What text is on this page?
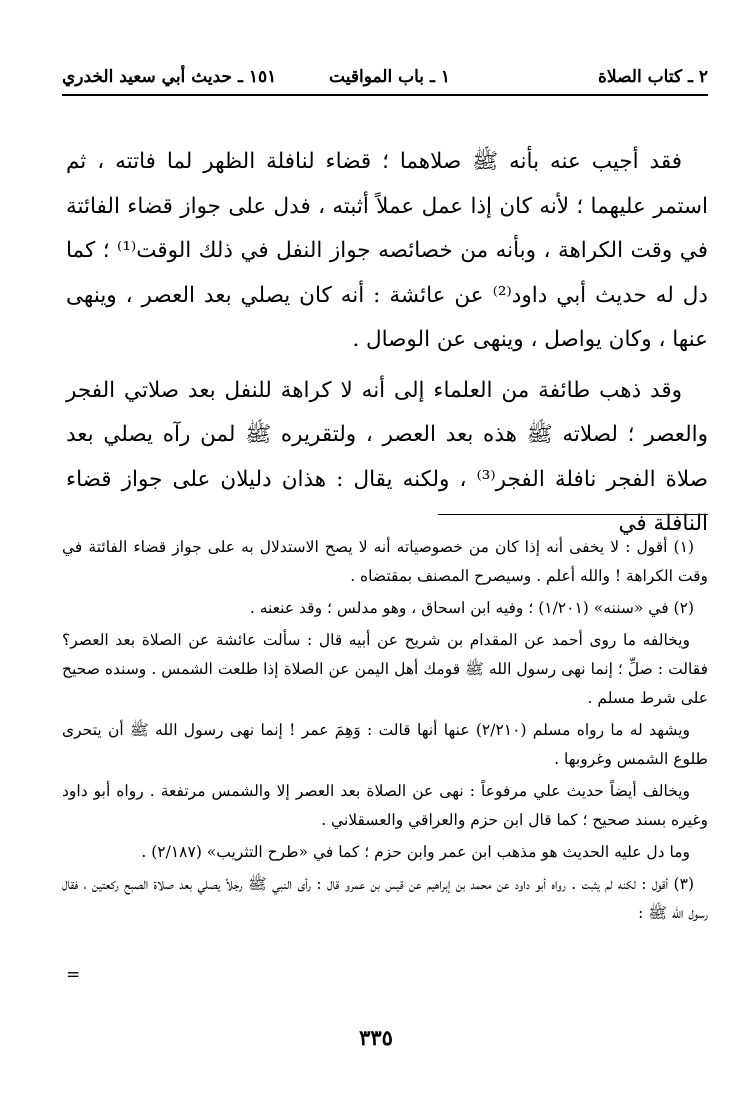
٢ ـ كتاب الصلاة
١ ـ باب المواقيت
١٥١ ـ حديث أبي سعيد الخدري

فقد أجيب عنه بأنه ﷺ صلاهما ؛ قضاء لنافلة الظهر لما فاتته ، ثم استمر عليهما ؛ لأنه كان إذا عمل عملاً أثبته ، فدل على جواز قضاء الفائتة في وقت الكراهة ، وبأنه من خصائصه جواز النفل في ذلك الوقت⁽¹⁾ ؛ كما دل له حديث أبي داود⁽²⁾ عن عائشة : أنه كان يصلي بعد العصر ، وينهى عنها ، وكان يواصل ، وينهى عن الوصال .

وقد ذهب طائفة من العلماء إلى أنه لا كراهة للنفل بعد صلاتي الفجر والعصر ؛ لصلاته ﷺ هذه بعد العصر ، ولتقريره ﷺ لمن رآه يصلي بعد صلاة الفجر نافلة الفجر⁽³⁾ ، ولكنه يقال : هذان دليلان على جواز قضاء النافلة في

(١) أقول : لا يخفى أنه إذا كان من خصوصياته أنه لا يصح الاستدلال به على جواز قضاء الفائتة في وقت الكراهة ! والله أعلم . وسيصرح المصنف بمقتضاه .

(٢) في «سننه» (١/٢٠١) ؛ وفيه ابن اسحاق ، وهو مدلس ؛ وقد عنعنه .

ويخالفه ما روى أحمد عن المقدام بن شريح عن أبيه قال : سألت عائشة عن الصلاة بعد العصر؟ فقالت : صلِّ ؛ إنما نهى رسول الله ﷺ قومك أهل اليمن عن الصلاة إذا طلعت الشمس . وسنده صحيح على شرط مسلم .

ويشهد له ما رواه مسلم (٢/٢١٠) عنها أنها قالت : وَهِمَ عمر ! إنما نهى رسول الله ﷺ أن يتحرى طلوع الشمس وغروبها .

ويخالف أيضاً حديث علي مرفوعاً : نهى عن الصلاة بعد العصر إلا والشمس مرتفعة . رواه أبو داود وغيره بسند صحيح ؛ كما قال ابن حزم والعراقي والعسقلاني .

وما دل عليه الحديث هو مذهب ابن عمر وابن حزم ؛ كما في «طرح التثريب» (٢/١٨٧) .

(٣) أقول : لكنه لم يثبت . رواه أبو داود عن محمد بن إبراهيم عن قيس بن عمرو قال : رأى النبي ﷺ رجلاً يصلي بعد صلاة الصبح ركعتين ، فقال رسول الله ﷺ :

=
٣٣٥
